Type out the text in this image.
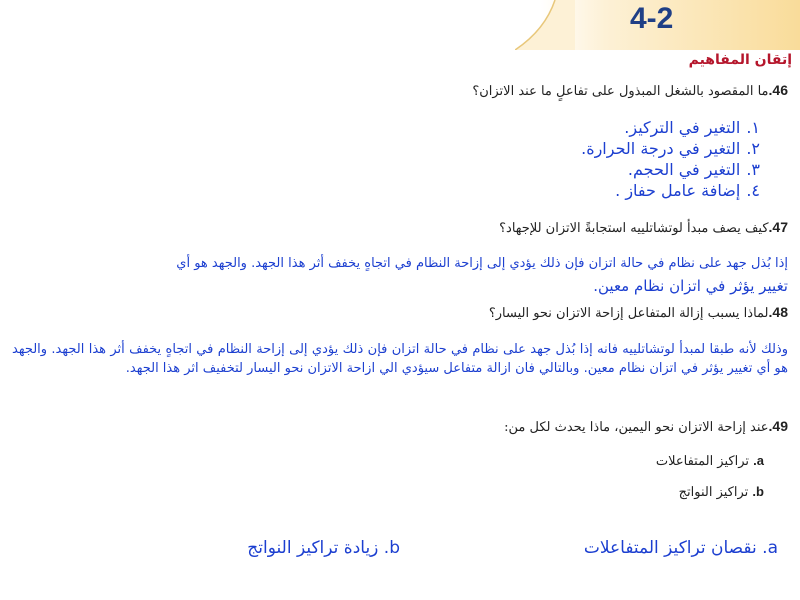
4-2
إتقان المفاهيم
46.ما المقصود بالشغل المبذول على تفاعلٍ ما عند الاتزان؟
١.التغير في التركيز.
٢.التغير في درجة الحرارة.
٣.التغير في الحجم.
٤.إضافة عامل حفاز .
47.كيف يصف مبدأ لوتشاتلييه استجابةً الاتزان للإجهاد؟
إذا بُذل جهد على نظام في حالة اتزان فإن ذلك يؤدي إلى إزاحة النظام في اتجاهٍ يخفف أثر هذا الجهد. والجهد هو أي
تغيير يؤثر في اتزان نظام معين.
48.لماذا يسبب إزالة المتفاعل إزاحة الاتزان نحو اليسار؟
وذلك لأنه طبقا لمبدأ لوتشاتلييه فانه إذا بُذل جهد على نظام في حالة اتزان فإن ذلك يؤدي إلى إزاحة النظام في اتجاهٍ يخفف أثر هذا الجهد. والجهد هو أي تغيير يؤثر في اتزان نظام معين. وبالتالي فان ازالة متفاعل سيؤدي الي ازاحة الاتزان نحو اليسار لتخفيف اثر هذا الجهد.
49.عند إزاحة الاتزان نحو اليمين، ماذا يحدث لكل من:
a. تراكيز المتفاعلات
b. تراكيز النواتج
a. نقصان تراكيز المتفاعلات
b. زيادة تراكيز النواتج
